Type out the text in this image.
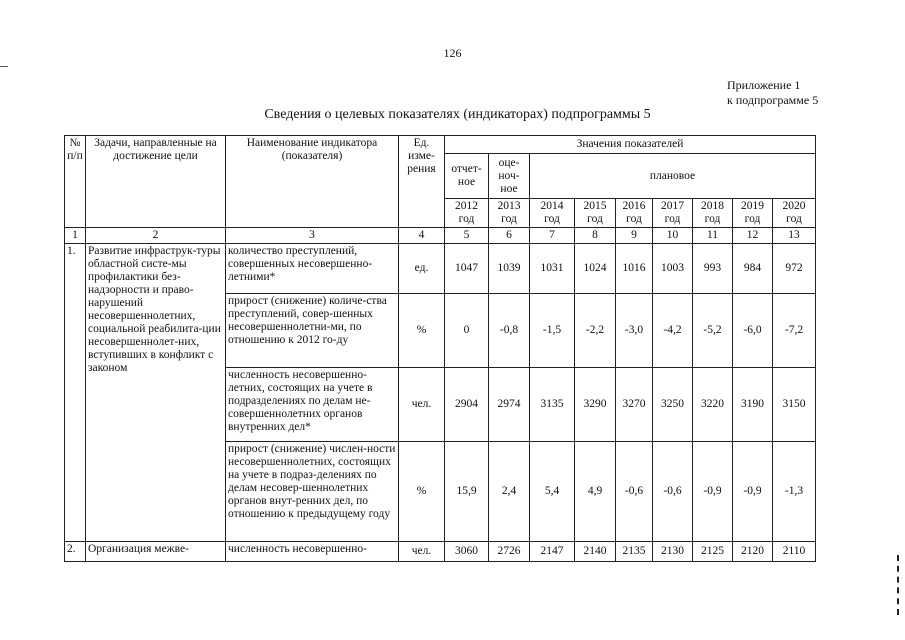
126
Приложение 1
к подпрограмме 5
Сведения о целевых показателях (индикаторах) подпрограммы 5
№ п/п	Задачи, направленные на достижение цели	Наименование индикатора (показателя)	Ед. изме-рения	Значения показателей								
				отчет-ное	оце-ноч-ное	плановое						
				2012 год	2013 год	2014 год	2015 год	2016 год	2017 год	2018 год	2019 год	2020 год
1	2	3	4	5	6	7	8	9	10	11	12	13
1.	Развитие инфраструк-туры областной систе-мы профилактики без-надзорности и право-нарушений несовершеннолетних, социальной реабилита-ции несовершеннолет-них, вступивших в конфликт с законом	количество преступлений, совершенных несовершенно-летними*	ед.	1047	1039	1031	1024	1016	1003	993	984	972
		прирост (снижение) количе-ства преступлений, совер-шенных несовершеннолетни-ми, по отношению к 2012 го-ду	%	0	-0,8	-1,5	-2,2	-3,0	-4,2	-5,2	-6,0	-7,2
		численность несовершенно-летних, состоящих на учете в подразделениях по делам не-совершеннолетних органов внутренних дел*	чел.	2904	2974	3135	3290	3270	3250	3220	3190	3150
		прирост (снижение) числен-ности несовершеннолетних, состоящих на учете в подраз-делениях по делам несовер-шеннолетних органов внут-ренних дел, по отношению к предыдущему году	%	15,9	2,4	5,4	4,9	-0,6	-0,6	-0,9	-0,9	-1,3
2.	Организация межве-	численность несовершенно-	чел.	3060	2726	2147	2140	2135	2130	2125	2120	2110
